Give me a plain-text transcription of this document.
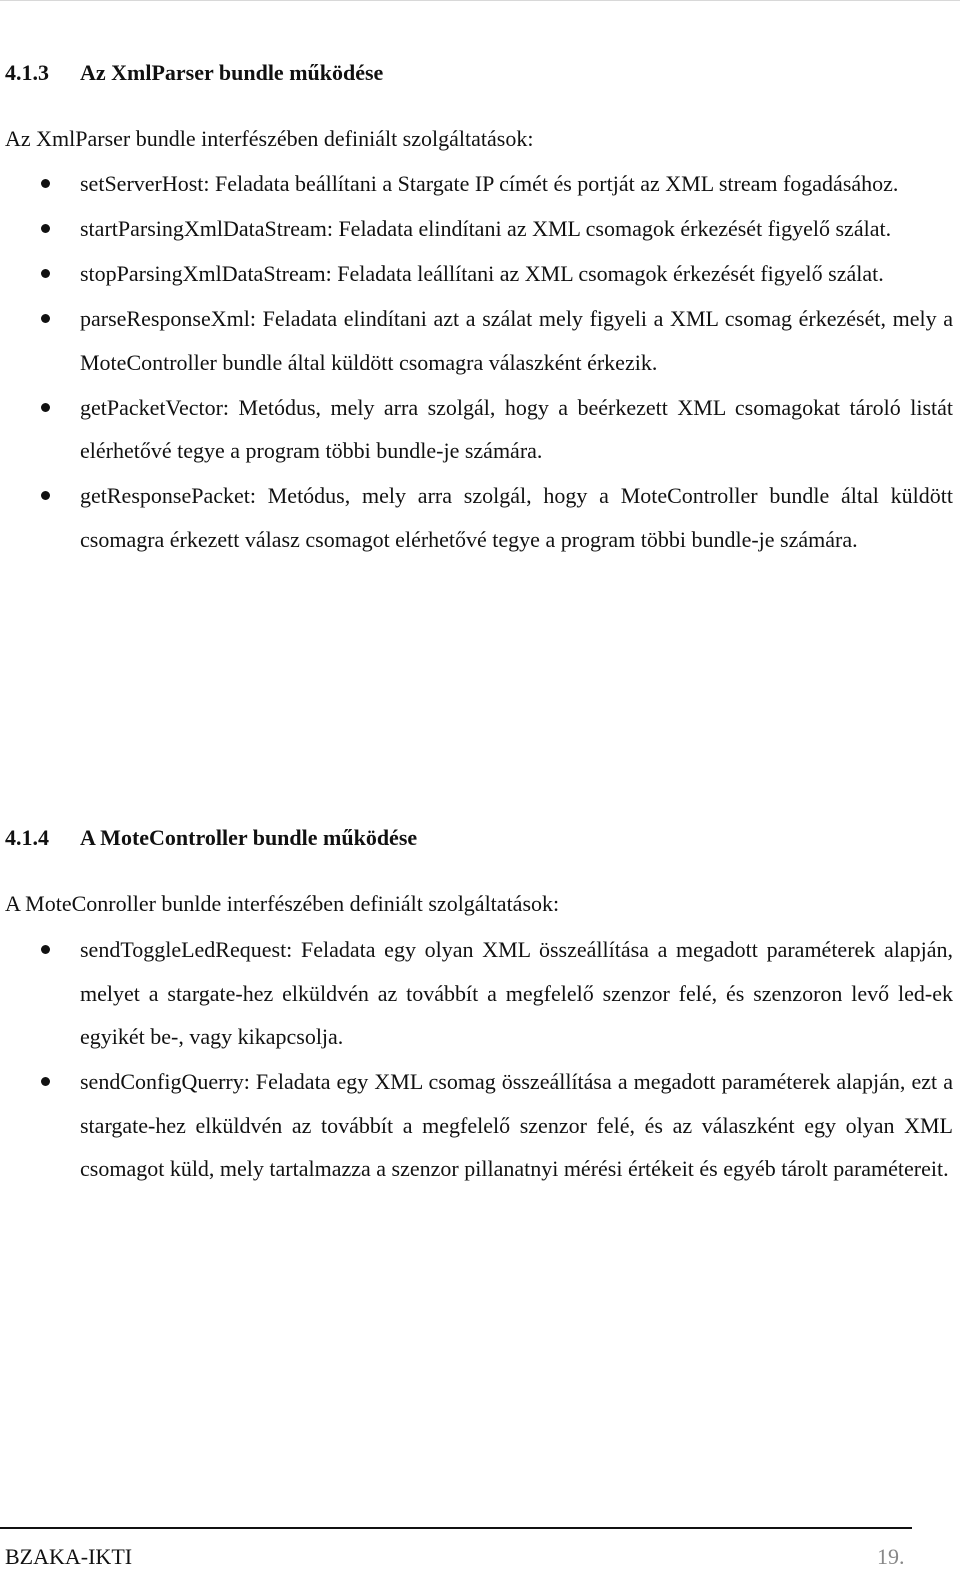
4.1.3 Az XmlParser bundle működése
Az XmlParser bundle interfészében definiált szolgáltatások:
setServerHost: Feladata beállítani a Stargate IP címét és portját az XML stream fogadásához.
startParsingXmlDataStream: Feladata elindítani az XML csomagok érkezését figyelő szálat.
stopParsingXmlDataStream: Feladata leállítani az XML csomagok érkezését figyelő szálat.
parseResponseXml: Feladata elindítani azt a szálat mely figyeli a XML csomag érkezését, mely a MoteController bundle által küldött csomagra válaszként érkezik.
getPacketVector: Metódus, mely arra szolgál, hogy a beérkezett XML csomagokat tároló listát elérhetővé tegye a program többi bundle-je számára.
getResponsePacket: Metódus, mely arra szolgál, hogy a MoteController bundle által küldött csomagra érkezett válasz csomagot elérhetővé tegye a program többi bundle-je számára.
4.1.4 A MoteController bundle működése
A MoteConroller bunlde interfészében definiált szolgáltatások:
sendToggleLedRequest: Feladata egy olyan XML összeállítása a megadott paraméterek alapján, melyet a stargate-hez elküldvén az továbbít a megfelelő szenzor felé, és szenzoron levő led-ek egyikét be-, vagy kikapcsolja.
sendConfigQuerry: Feladata egy XML csomag összeállítása a megadott paraméterek alapján, ezt a stargate-hez elküldvén az továbbít a megfelelő szenzor felé, és az válaszként egy olyan XML csomagot küld, mely tartalmazza a szenzor pillanatnyi mérési értékeit és egyéb tárolt paramétereit.
BZAKA-IKTI	19.
